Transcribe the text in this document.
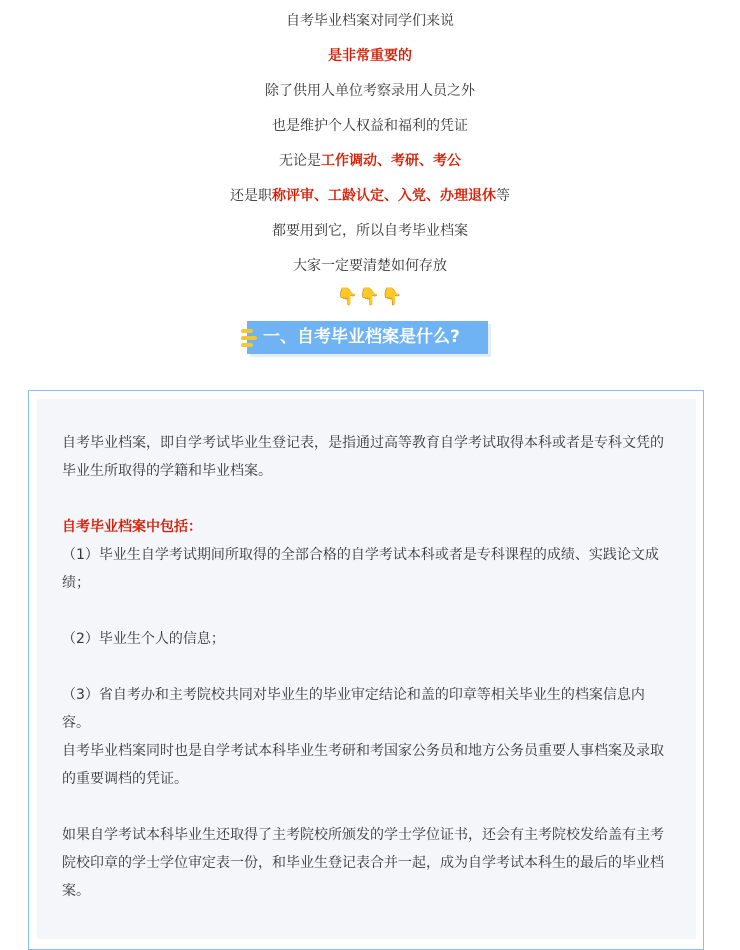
自考毕业档案对同学们来说
是非常重要的
除了供用人单位考察录用人员之外
也是维护个人权益和福利的凭证
无论是工作调动、考研、考公
还是职称评审、工龄认定、入党、办理退休等
都要用到它，所以自考毕业档案
大家一定要清楚如何存放
👇👇👇
一、自考毕业档案是什么?
自考毕业档案，即自学考试毕业生登记表，是指通过高等教育自学考试取得本科或者是专科文凭的毕业生所取得的学籍和毕业档案。
自考毕业档案中包括：
（1）毕业生自学考试期间所取得的全部合格的自学考试本科或者是专科课程的成绩、实践论文成绩；
（2）毕业生个人的信息；
（3）省自考办和主考院校共同对毕业生的毕业审定结论和盖的印章等相关毕业生的档案信息内容。
自考毕业档案同时也是自学考试本科毕业生考研和考国家公务员和地方公务员重要人事档案及录取的重要调档的凭证。
如果自学考试本科毕业生还取得了主考院校所颁发的学士学位证书，还会有主考院校发给盖有主考院校印章的学士学位审定表一份，和毕业生登记表合并一起，成为自学考试本科生的最后的毕业档案。
